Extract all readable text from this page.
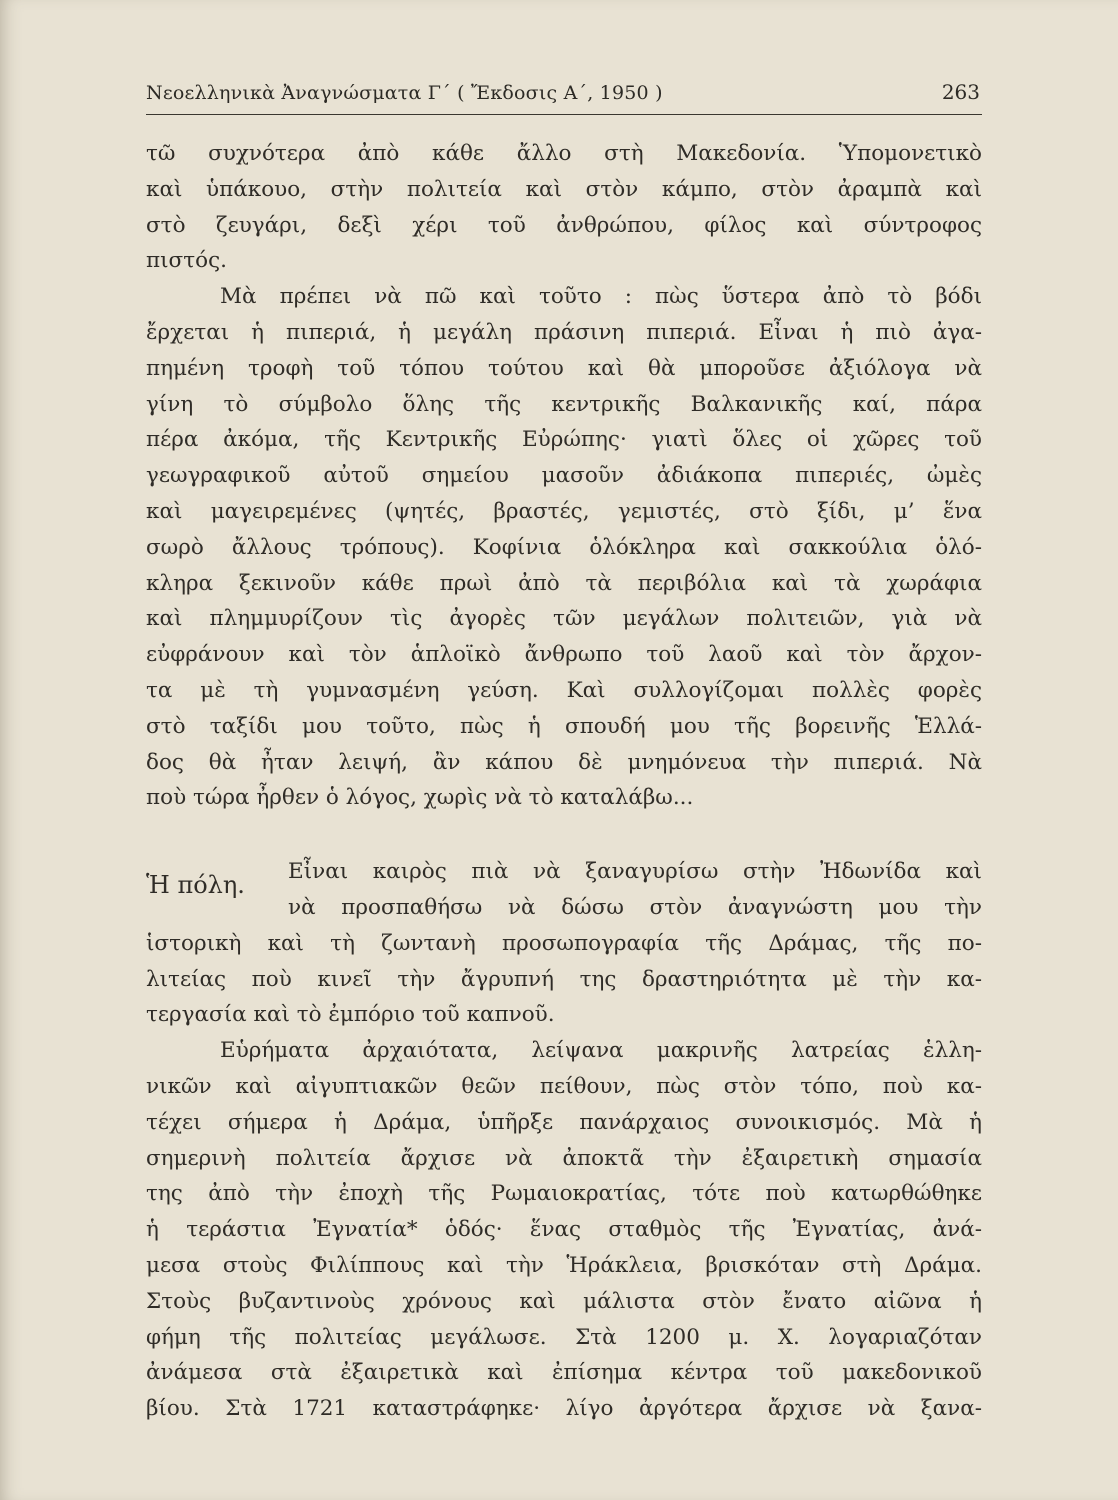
Νεοελληνικὰ Ἀναγνώσματα Γ΄ ( Ἔκδοσις Α΄, 1950 )	263
τῶ συχνότερα ἀπὸ κάθε ἄλλο στὴ Μακεδονία. Ὑπομονετικὸ
καὶ ὑπάκουο, στὴν πολιτεία καὶ στὸν κάμπο, στὸν ἀραμπὰ καὶ
στὸ ζευγάρι, δεξὶ χέρι τοῦ ἀνθρώπου, φίλος καὶ σύντροφος
πιστός.
Μὰ πρέπει νὰ πῶ καὶ τοῦτο : πὼς ὕστερα ἀπὸ τὸ βόδι
ἔρχεται ἡ πιπεριά, ἡ μεγάλη πράσινη πιπεριά. Εἶναι ἡ πιὸ ἀγα-
πημένη τροφὴ τοῦ τόπου τούτου καὶ θὰ μποροῦσε ἀξιόλογα νὰ
γίνη τὸ σύμβολο ὅλης τῆς κεντρικῆς Βαλκανικῆς καί, πάρα
πέρα ἀκόμα, τῆς Κεντρικῆς Εὐρώπης· γιατὶ ὅλες οἱ χῶρες τοῦ
γεωγραφικοῦ αὐτοῦ σημείου μασοῦν ἀδιάκοπα πιπεριές, ὠμὲς
καὶ μαγειρεμένες (ψητές, βραστές, γεμιστές, στὸ ξίδι, μ’ ἕνα
σωρὸ ἄλλους τρόπους). Κοφίνια ὁλόκληρα καὶ σακκούλια ὁλό-
κληρα ξεκινοῦν κάθε πρωὶ ἀπὸ τὰ περιβόλια καὶ τὰ χωράφια
καὶ πλημμυρίζουν τὶς ἀγορὲς τῶν μεγάλων πολιτειῶν, γιὰ νὰ
εὐφράνουν καὶ τὸν ἁπλοϊκὸ ἄνθρωπο τοῦ λαοῦ καὶ τὸν ἄρχον-
τα μὲ τὴ γυμνασμένη γεύση. Καὶ συλλογίζομαι πολλὲς φορὲς
στὸ ταξίδι μου τοῦτο, πὼς ἡ σπουδή μου τῆς βορεινῆς Ἑλλά-
δος θὰ ἦταν λειψή, ἂν κάπου δὲ μνημόνευα τὴν πιπεριά. Νὰ
ποὺ τώρα ἦρθεν ὁ λόγος, χωρὶς νὰ τὸ καταλάβω...
Ἡ πόλη. Εἶναι καιρὸς πιὰ νὰ ξαναγυρίσω στὴν Ἠδωνίδα καὶ
νὰ προσπαθήσω νὰ δώσω στὸν ἀναγνώστη μου τὴν
ἱστορικὴ καὶ τὴ ζωντανὴ προσωπογραφία τῆς Δράμας, τῆς πο-
λιτείας ποὺ κινεῖ τὴν ἄγρυπνή της δραστηριότητα μὲ τὴν κα-
τεργασία καὶ τὸ ἐμπόριο τοῦ καπνοῦ.
Εὑρήματα ἀρχαιότατα, λείψανα μακρινῆς λατρείας ἑλλη-
νικῶν καὶ αἰγυπτιακῶν θεῶν πείθουν, πὼς στὸν τόπο, ποὺ κα-
τέχει σήμερα ἡ Δράμα, ὑπῆρξε πανάρχαιος συνοικισμός. Μὰ ἡ
σημερινὴ πολιτεία ἄρχισε νὰ ἀποκτᾶ τὴν ἐξαιρετικὴ σημασία
της ἀπὸ τὴν ἐποχὴ τῆς Ρωμαιοκρατίας, τότε ποὺ κατωρθώθηκε
ἡ τεράστια Ἐγνατία* ὁδός· ἕνας σταθμὸς τῆς Ἐγνατίας, ἀνά-
μεσα στοὺς Φιλίππους καὶ τὴν Ἡράκλεια, βρισκόταν στὴ Δράμα.
Στοὺς βυζαντινοὺς χρόνους καὶ μάλιστα στὸν ἔνατο αἰῶνα ἡ
φήμη τῆς πολιτείας μεγάλωσε. Στὰ 1200 μ. Χ. λογαριαζόταν
ἀνάμεσα στὰ ἐξαιρετικὰ καὶ ἐπίσημα κέντρα τοῦ μακεδονικοῦ
βίου. Στὰ 1721 καταστράφηκε· λίγο ἀργότερα ἄρχισε νὰ ξανα-
